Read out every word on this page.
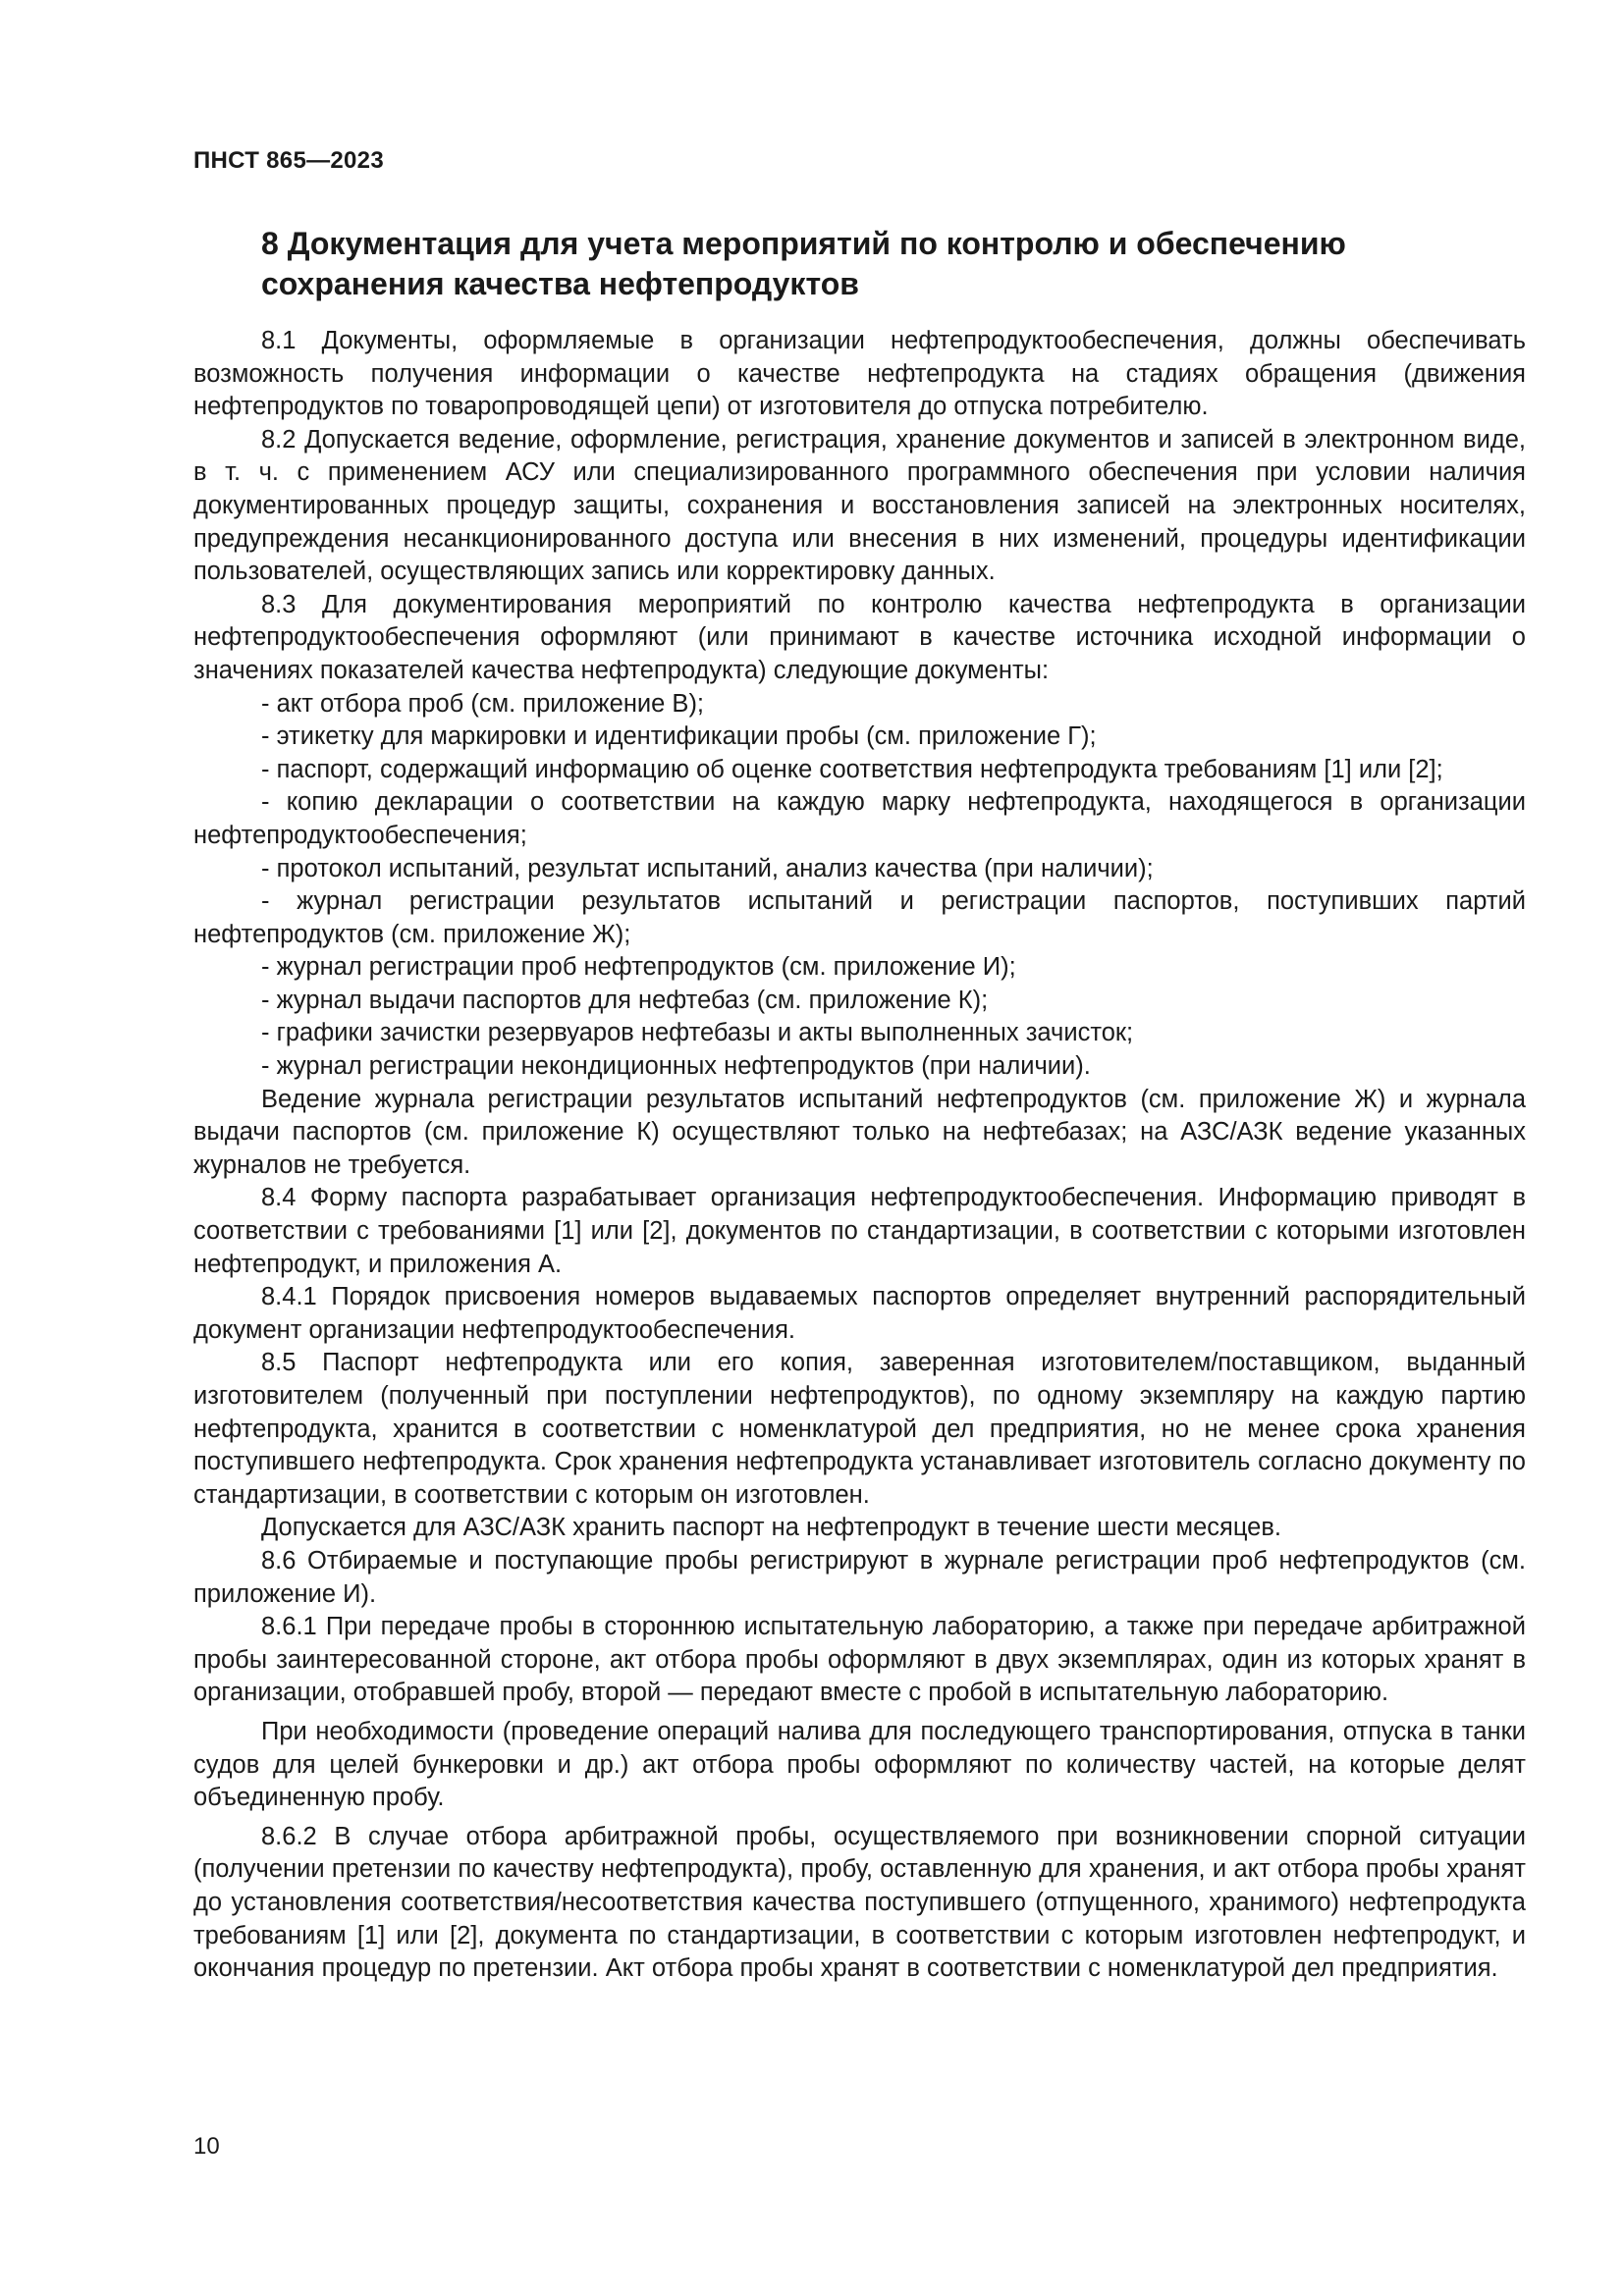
ПНСТ 865—2023

8 Документация для учета мероприятий по контролю и обеспечению сохранения качества нефтепродуктов

8.1 Документы, оформляемые в организации нефтепродуктообеспечения, должны обеспечивать возможность получения информации о качестве нефтепродукта на стадиях обращения (движения нефтепродуктов по товаропроводящей цепи) от изготовителя до отпуска потребителю.

8.2 Допускается ведение, оформление, регистрация, хранение документов и записей в электронном виде, в т. ч. с применением АСУ или специализированного программного обеспечения при условии наличия документированных процедур защиты, сохранения и восстановления записей на электронных носителях, предупреждения несанкционированного доступа или внесения в них изменений, процедуры идентификации пользователей, осуществляющих запись или корректировку данных.

8.3 Для документирования мероприятий по контролю качества нефтепродукта в организации нефтепродуктообеспечения оформляют (или принимают в качестве источника исходной информации о значениях показателей качества нефтепродукта) следующие документы:

- акт отбора проб (см. приложение В);

- этикетку для маркировки и идентификации пробы (см. приложение Г);

- паспорт, содержащий информацию об оценке соответствия нефтепродукта требованиям [1] или [2];

- копию декларации о соответствии на каждую марку нефтепродукта, находящегося в организации нефтепродуктообеспечения;

- протокол испытаний, результат испытаний, анализ качества (при наличии);

- журнал регистрации результатов испытаний и регистрации паспортов, поступивших партий нефтепродуктов (см. приложение Ж);

- журнал регистрации проб нефтепродуктов (см. приложение И);

- журнал выдачи паспортов для нефтебаз (см. приложение К);

- графики зачистки резервуаров нефтебазы и акты выполненных зачисток;

- журнал регистрации некондиционных нефтепродуктов (при наличии).

Ведение журнала регистрации результатов испытаний нефтепродуктов (см. приложение Ж) и журнала выдачи паспортов (см. приложение К) осуществляют только на нефтебазах; на АЗС/АЗК ведение указанных журналов не требуется.

8.4 Форму паспорта разрабатывает организация нефтепродуктообеспечения. Информацию приводят в соответствии с требованиями [1] или [2], документов по стандартизации, в соответствии с которыми изготовлен нефтепродукт, и приложения А.

8.4.1 Порядок присвоения номеров выдаваемых паспортов определяет внутренний распорядительный документ организации нефтепродуктообеспечения.

8.5 Паспорт нефтепродукта или его копия, заверенная изготовителем/поставщиком, выданный изготовителем (полученный при поступлении нефтепродуктов), по одному экземпляру на каждую партию нефтепродукта, хранится в соответствии с номенклатурой дел предприятия, но не менее срока хранения поступившего нефтепродукта. Срок хранения нефтепродукта устанавливает изготовитель согласно документу по стандартизации, в соответствии с которым он изготовлен.

Допускается для АЗС/АЗК хранить паспорт на нефтепродукт в течение шести месяцев.

8.6 Отбираемые и поступающие пробы регистрируют в журнале регистрации проб нефтепродуктов (см. приложение И).

8.6.1 При передаче пробы в стороннюю испытательную лабораторию, а также при передаче арбитражной пробы заинтересованной стороне, акт отбора пробы оформляют в двух экземплярах, один из которых хранят в организации, отобравшей пробу, второй — передают вместе с пробой в испытательную лабораторию.

При необходимости (проведение операций налива для последующего транспортирования, отпуска в танки судов для целей бункеровки и др.) акт отбора пробы оформляют по количеству частей, на которые делят объединенную пробу.

8.6.2 В случае отбора арбитражной пробы, осуществляемого при возникновении спорной ситуации (получении претензии по качеству нефтепродукта), пробу, оставленную для хранения, и акт отбора пробы хранят до установления соответствия/несоответствия качества поступившего (отпущенного, хранимого) нефтепродукта требованиям [1] или [2], документа по стандартизации, в соответствии с которым изготовлен нефтепродукт, и окончания процедур по претензии. Акт отбора пробы хранят в соответствии с номенклатурой дел предприятия.

10
